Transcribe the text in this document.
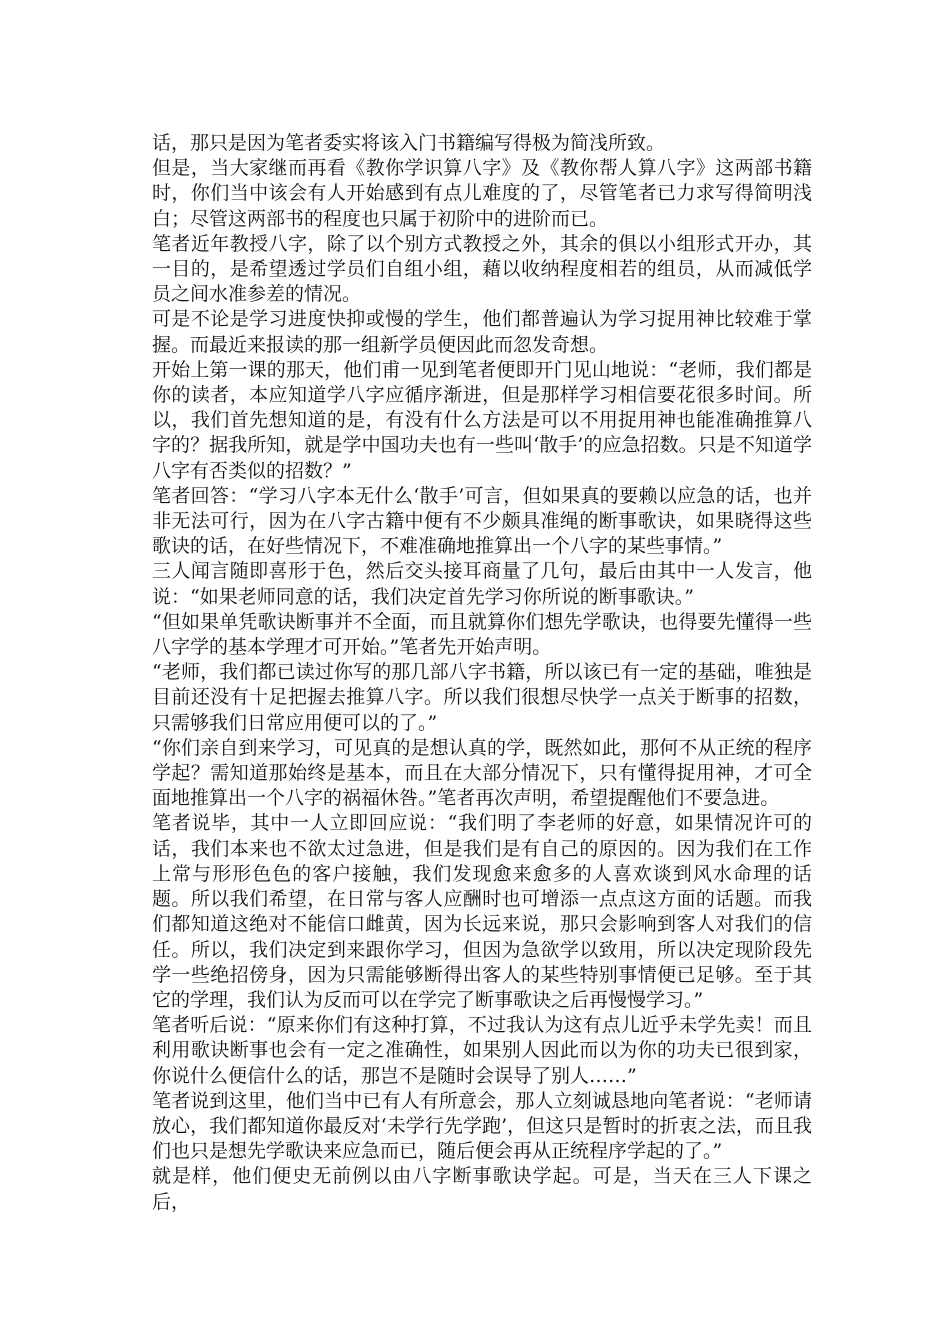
话，那只是因为笔者委实将该入门书籍编写得极为简浅所致。

但是，当大家继而再看《教你学识算八字》及《教你帮人算八字》这两部书籍时，你们当中该会有人开始感到有点儿难度的了，尽管笔者已力求写得简明浅白；尽管这两部书的程度也只属于初阶中的进阶而已。

笔者近年教授八字，除了以个别方式教授之外，其余的俱以小组形式开办，其一目的，是希望透过学员们自组小组，藉以收纳程度相若的组员，从而减低学员之间水准参差的情况。

可是不论是学习进度快抑或慢的学生，他们都普遍认为学习捉用神比较难于掌握。而最近来报读的那一组新学员便因此而忽发奇想。

开始上第一课的那天，他们甫一见到笔者便即开门见山地说：“老师，我们都是你的读者，本应知道学八字应循序渐进，但是那样学习相信要花很多时间。所以，我们首先想知道的是，有没有什么方法是可以不用捉用神也能准确推算八字的？据我所知，就是学中国功夫也有一些叫‘散手’的应急招数。只是不知道学八字有否类似的招数？”

笔者回答：“学习八字本无什么‘散手’可言，但如果真的要赖以应急的话，也并非无法可行，因为在八字古籍中便有不少颇具准绳的断事歌诀，如果晓得这些歌诀的话，在好些情况下，不难准确地推算出一个八字的某些事情。”

三人闻言随即喜形于色，然后交头接耳商量了几句，最后由其中一人发言，他说：“如果老师同意的话，我们决定首先学习你所说的断事歌诀。”

“但如果单凭歌诀断事并不全面，而且就算你们想先学歌诀，也得要先懂得一些八字学的基本学理才可开始。”笔者先开始声明。

“老师，我们都已读过你写的那几部八字书籍，所以该已有一定的基础，唯独是目前还没有十足把握去推算八字。所以我们很想尽快学一点关于断事的招数，只需够我们日常应用便可以的了。”

“你们亲自到来学习，可见真的是想认真的学，既然如此，那何不从正统的程序学起？需知道那始终是基本，而且在大部分情况下，只有懂得捉用神，才可全面地推算出一个八字的祸福休咎。”笔者再次声明，希望提醒他们不要急进。

笔者说毕，其中一人立即回应说：“我们明了李老师的好意，如果情况许可的话，我们本来也不欲太过急进，但是我们是有自己的原因的。因为我们在工作上常与形形色色的客户接触，我们发现愈来愈多的人喜欢谈到风水命理的话题。所以我们希望，在日常与客人应酬时也可增添一点点这方面的话题。而我们都知道这绝对不能信口雌黄，因为长远来说，那只会影响到客人对我们的信任。所以，我们决定到来跟你学习，但因为急欲学以致用，所以决定现阶段先学一些绝招傍身，因为只需能够断得出客人的某些特别事情便已足够。至于其它的学理，我们认为反而可以在学完了断事歌诀之后再慢慢学习。”

笔者听后说：“原来你们有这种打算，不过我认为这有点儿近乎未学先卖！而且利用歌诀断事也会有一定之准确性，如果别人因此而以为你的功夫已很到家，你说什么便信什么的话，那岂不是随时会误导了别人……”

笔者说到这里，他们当中已有人有所意会，那人立刻诚恳地向笔者说：“老师请放心，我们都知道你最反对‘未学行先学跑’，但这只是暂时的折衷之法，而且我们也只是想先学歌诀来应急而已，随后便会再从正统程序学起的了。”

就是样，他们便史无前例以由八字断事歌诀学起。可是，当天在三人下课之后，
